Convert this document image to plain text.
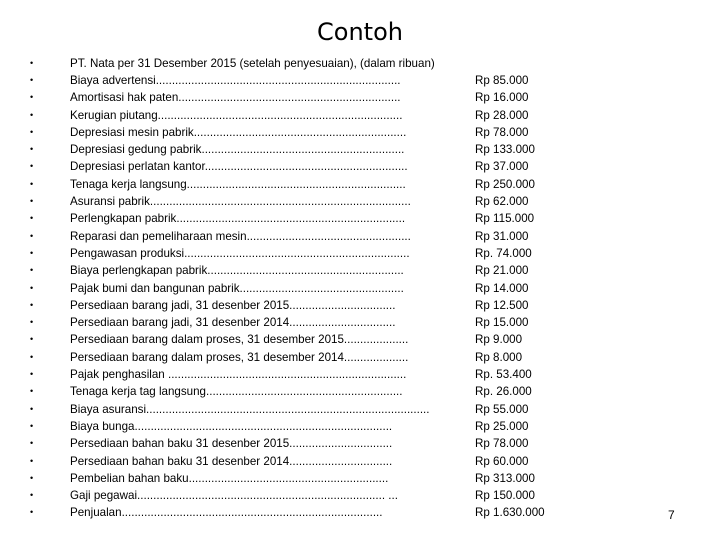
Contoh
•	PT. Nata per 31 Desember 2015 (setelah penyesuaian), (dalam ribuan)
•	Biaya advertensi............................................................................	Rp 85.000
•	Amortisasi hak paten.....................................................................	Rp 16.000
•	Kerugian piutang............................................................................	Rp 28.000
•	Depresiasi mesin pabrik..................................................................	Rp 78.000
•	Depresiasi gedung pabrik...............................................................	Rp 133.000
•	Depresiasi perlatan kantor...............................................................	Rp 37.000
•	Tenaga kerja langsung....................................................................	Rp 250.000
•	Asuransi pabrik.................................................................................	Rp 62.000
•	Perlengkapan pabrik.......................................................................	Rp 115.000
•	Reparasi dan pemeliharaan mesin...................................................	Rp 31.000
•	Pengawasan produksi......................................................................	Rp. 74.000
•	Biaya perlengkapan pabrik.............................................................	Rp 21.000
•	Pajak bumi dan bangunan pabrik...................................................	Rp 14.000
•	Persediaan barang jadi, 31 desenber 2015.................................	Rp 12.500
•	Persediaan barang jadi, 31 desenber 2014.................................	Rp 15.000
•	Persediaan barang dalam proses, 31 desember 2015....................	Rp 9.000
•	Persediaan barang dalam proses, 31 desember 2014....................	Rp 8.000
•	Pajak penghasilan ..........................................................................	Rp. 53.400
•	Tenaga kerja tag langsung.............................................................	Rp. 26.000
•	Biaya asuransi........................................................................................	Rp 55.000
•	Biaya bunga................................................................................	Rp 25.000
•	Persediaan bahan baku 31 desenber 2015................................	Rp 78.000
•	Persediaan bahan baku 31 desenber 2014................................	Rp 60.000
•	Pembelian bahan baku..............................................................	Rp 313.000
•	Gaji pegawai............................................................................. ...	Rp 150.000
•	Penjualan.................................................................................	Rp 1.630.000	7
